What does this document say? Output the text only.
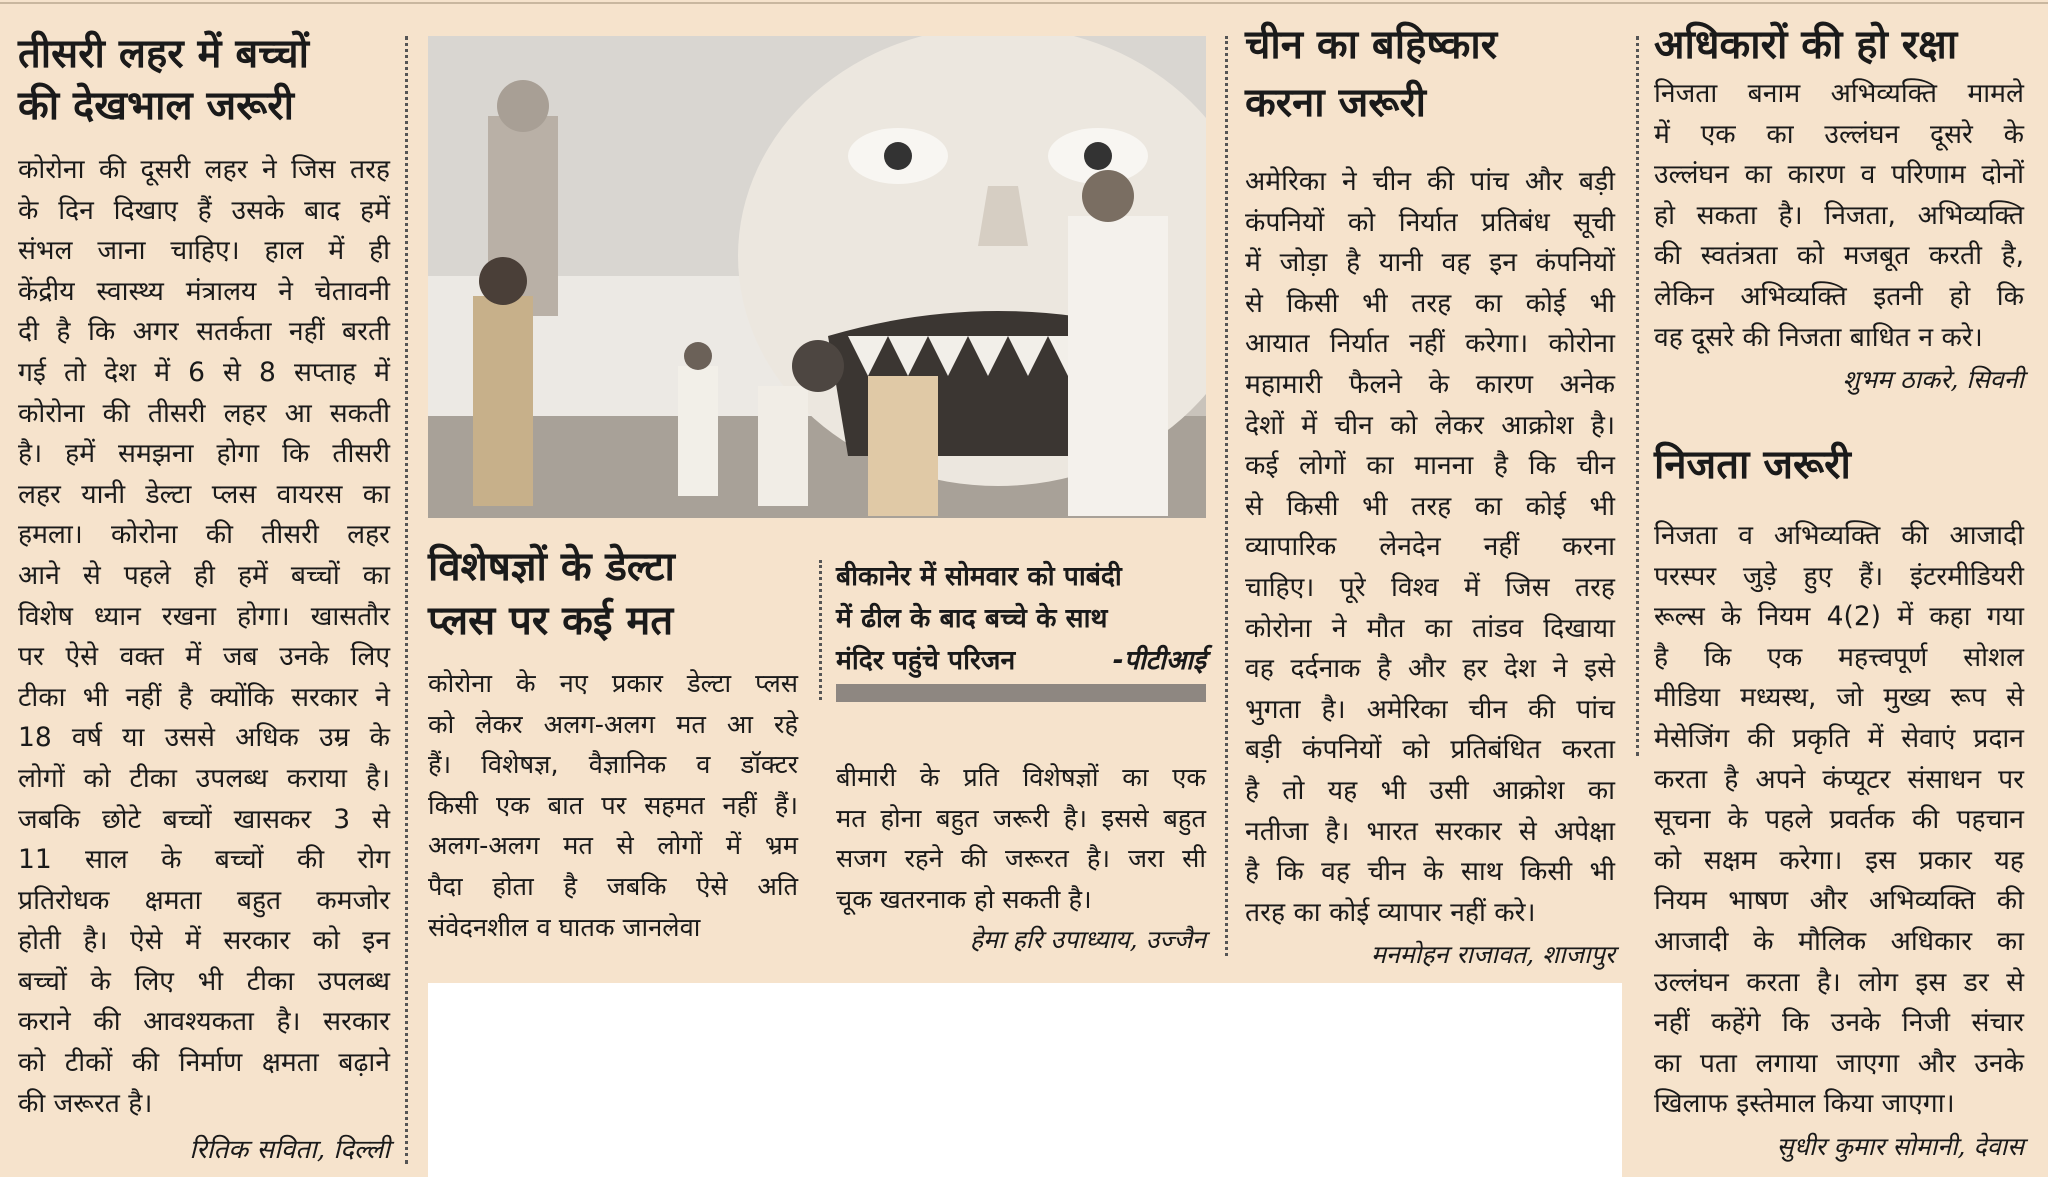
तीसरी लहर में बच्चों
की देखभाल जरूरी
कोरोना की दूसरी लहर ने जिस तरह
के दिन दिखाए हैं उसके बाद हमें
संभल जाना चाहिए। हाल में ही
केंद्रीय स्वास्थ्य मंत्रालय ने चेतावनी
दी है कि अगर सतर्कता नहीं बरती
गई तो देश में 6 से 8 सप्ताह में
कोरोना की तीसरी लहर आ सकती
है। हमें समझना होगा कि तीसरी
लहर यानी डेल्टा प्लस वायरस का
हमला। कोरोना की तीसरी लहर
आने से पहले ही हमें बच्चों का
विशेष ध्यान रखना होगा। खासतौर
पर ऐसे वक्त में जब उनके लिए
टीका भी नहीं है क्योंकि सरकार ने
18 वर्ष या उससे अधिक उम्र के
लोगों को टीका उपलब्ध कराया है।
जबकि छोटे बच्चों खासकर 3 से
11 साल के बच्चों की रोग
प्रतिरोधक क्षमता बहुत कमजोर
होती है। ऐसे में सरकार को इन
बच्चों के लिए भी टीका उपलब्ध
कराने की आवश्यकता है। सरकार
को टीकों की निर्माण क्षमता बढ़ाने
की जरूरत है।

रितिक सविता, दिल्ली

विशेषज्ञों के डेल्टा
प्लस पर कई मत
कोरोना के नए प्रकार डेल्टा प्लस
को लेकर अलग-अलग मत आ रहे
हैं। विशेषज्ञ, वैज्ञानिक व डॉक्टर
किसी एक बात पर सहमत नहीं हैं।
अलग-अलग मत से लोगों में भ्रम
पैदा होता है जबकि ऐसे अति
संवेदनशील व घातक जानलेवा
बीकानेर में सोमवार को पाबंदी
में ढील के बाद बच्चे के साथ
मंदिर पहुंचे परिजन	-पीटीआई
बीमारी के प्रति विशेषज्ञों का एक
मत होना बहुत जरूरी है। इससे बहुत
सजग रहने की जरूरत है। जरा सी
चूक खतरनाक हो सकती है।

हेमा हरि उपाध्याय, उज्जैन

चीन का बहिष्कार
करना जरूरी
अमेरिका ने चीन की पांच और बड़ी
कंपनियों को निर्यात प्रतिबंध सूची
में जोड़ा है यानी वह इन कंपनियों
से किसी भी तरह का कोई भी
आयात निर्यात नहीं करेगा। कोरोना
महामारी फैलने के कारण अनेक
देशों में चीन को लेकर आक्रोश है।
कई लोगों का मानना है कि चीन
से किसी भी तरह का कोई भी
व्यापारिक लेनदेन नहीं करना
चाहिए। पूरे विश्व में जिस तरह
कोरोना ने मौत का तांडव दिखाया
वह दर्दनाक है और हर देश ने इसे
भुगता है। अमेरिका चीन की पांच
बड़ी कंपनियों को प्रतिबंधित करता
है तो यह भी उसी आक्रोश का
नतीजा है। भारत सरकार से अपेक्षा
है कि वह चीन के साथ किसी भी
तरह का कोई व्यापार नहीं करे।

मनमोहन राजावत, शाजापुर

अधिकारों की हो रक्षा
निजता बनाम अभिव्यक्ति मामले
में एक का उल्लंघन दूसरे के
उल्लंघन का कारण व परिणाम दोनों
हो सकता है। निजता, अभिव्यक्ति
की स्वतंत्रता को मजबूत करती है,
लेकिन अभिव्यक्ति इतनी हो कि
वह दूसरे की निजता बाधित न करे।

शुभम ठाकरे, सिवनी

निजता जरूरी
निजता व अभिव्यक्ति की आजादी
परस्पर जुड़े हुए हैं। इंटरमीडियरी
रूल्स के नियम 4(2) में कहा गया
है कि एक महत्त्वपूर्ण सोशल
मीडिया मध्यस्थ, जो मुख्य रूप से
मेसेजिंग की प्रकृति में सेवाएं प्रदान
करता है अपने कंप्यूटर संसाधन पर
सूचना के पहले प्रवर्तक की पहचान
को सक्षम करेगा। इस प्रकार यह
नियम भाषण और अभिव्यक्ति की
आजादी के मौलिक अधिकार का
उल्लंघन करता है। लोग इस डर से
नहीं कहेंगे कि उनके निजी संचार
का पता लगाया जाएगा और उनके
खिलाफ इस्तेमाल किया जाएगा।

सुधीर कुमार सोमानी, देवास
